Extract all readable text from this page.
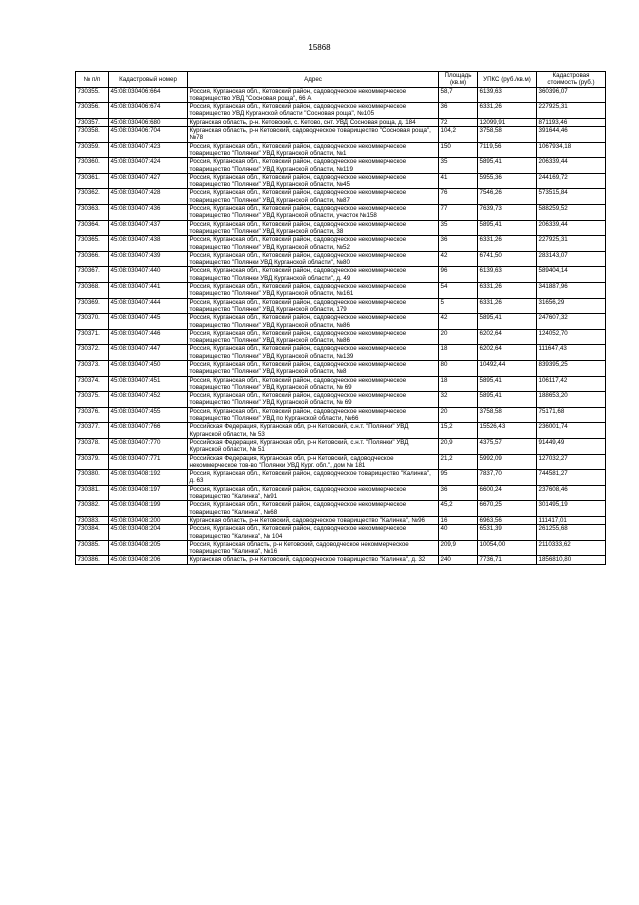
15868
№ п/п	Кадастровый номер	Адрес	Площадь (кв.м)	УПКС (руб./кв.м)	Кадастровая стоимость (руб.)
730355.	45:08:030406:664	Россия, Курганская обл., Кетовский район, садоводческое некоммерческое товарищество УВД "Сосновая роща", 66 А	58,7	6139,63	360396,07
730356.	45:08:030406:674	Россия, Курганская обл., Кетовский район, садоводческое некоммерческое товарищество УВД Курганской области "Сосновая роща", №105	36	6331,26	227925,31
730357.	45:08:030406:680	Курганская область, р-н. Кетовский, с. Кетово, снт. УВД Сосновая роща, д. 184	72	12099,91	871193,46
730358.	45:08:030406:704	Курганская область, р-н Кетовский, садоводческое товарищество "Сосновая роща", №78	104,2	3758,58	391644,46
730359.	45:08:030407:423	Россия, Курганская обл., Кетовский район, садоводческое некоммерческое товарищество "Полянки" УВД Курганской области, №1	150	7119,56	1067934,18
730360.	45:08:030407:424	Россия, Курганская обл., Кетовский район, садоводческое некоммерческое товарищество "Полянки" УВД Курганской области, №119	35	5895,41	206339,44
730361.	45:08:030407:427	Россия, Курганская обл., Кетовский район, садоводческое некоммерческое товарищество "Полянки" УВД Курганской области, №45	41	5955,36	244169,72
730362.	45:08:030407:428	Россия, Курганская обл., Кетовский район, садоводческое некоммерческое товарищество "Полянки" УВД Курганской области, №87	76	7546,26	573515,84
730363.	45:08:030407:436	Россия, Курганская обл., Кетовский район, садоводческое некоммерческое товарищество "Полянки" УВД Курганской области, участок №158	77	7639,73	588259,52
730364.	45:08:030407:437	Россия, Курганская обл., Кетовский район, садоводческое некоммерческое товарищество "Полянки" УВД Курганской области, 38	35	5895,41	206339,44
730365.	45:08:030407:438	Россия, Курганская обл., Кетовский район, садоводческое некоммерческое товарищество "Полянки" УВД Курганской области, №52	36	6331,26	227925,31
730366.	45:08:030407:439	Россия, Курганская обл., Кетовский район, садоводческое некоммерческое товарищество "Полянки УВД Курганской области", №80	42	6741,50	283143,07
730367.	45:08:030407:440	Россия, Курганская обл., Кетовский район, садоводческое некоммерческое товарищество "Полянки УВД Курганской области", д. 49	96	6139,63	589404,14
730368.	45:08:030407:441	Россия, Курганская обл., Кетовский район, садоводческое некоммерческое товарищество "Полянки" УВД Курганской области, №161	54	6331,26	341887,96
730369.	45:08:030407:444	Россия, Курганская обл., Кетовский район, садоводческое некоммерческое товарищество "Полянки" УВД Курганской области, 179	5	6331,26	31656,29
730370.	45:08:030407:445	Россия, Курганская обл., Кетовский район, садоводческое некоммерческое товарищество "Полянки" УВД Курганской области, №86	42	5895,41	247607,32
730371.	45:08:030407:446	Россия, Курганская обл., Кетовский район, садоводческое некоммерческое товарищество "Полянки" УВД Курганской области, №86	20	6202,64	124052,70
730372.	45:08:030407:447	Россия, Курганская обл., Кетовский район, садоводческое некоммерческое товарищество "Полянки" УВД Курганской области, №139	18	6202,64	111647,43
730373.	45:08:030407:450	Россия, Курганская обл., Кетовский район, садоводческое некоммерческое товарищество "Полянки" УВД Курганской области, №8	80	10492,44	839395,25
730374.	45:08:030407:451	Россия, Курганская обл., Кетовский район, садоводческое некоммерческое товарищество "Полянки" УВД Курганской области, № 69	18	5895,41	106117,42
730375.	45:08:030407:452	Россия, Курганская обл., Кетовский район, садоводческое некоммерческое товарищество "Полянки" УВД Курганской области, № 69	32	5895,41	188653,20
730376.	45:08:030407:455	Россия, Курганская обл., Кетовский район, садоводческое некоммерческое товарищество "Полянки" УВД по Курганской области, №66	20	3758,58	75171,68
730377.	45:08:030407:766	Российская Федерация, Курганская обл, р-н Кетовский, с.н.т. "Полянки" УВД Курганской области, № 53	15,2	15526,43	236001,74
730378.	45:08:030407:770	Российская Федерация, Курганская обл, р-н Кетовский, с.н.т. "Полянки" УВД Курганской области, № 51	20,9	4375,57	91449,49
730379.	45:08:030407:771	Российская Федерация, Курганская обл, р-н Кетовский, садоводческое некоммерческое тов-во "Полянки УВД Кург. обл.", дом № 181	21,2	5992,09	127032,27
730380.	45:08:030408:192	Россия, Курганская обл., Кетовский район, садоводческое товарищество "Калинка", д. 63	95	7837,70	744581,27
730381.	45:08:030408:197	Россия, Курганская обл., Кетовский район, садоводческое некоммерческое товарищество "Калинка", №91	36	6600,24	237608,46
730382.	45:08:030408:199	Россия, Курганская обл., Кетовский район, садоводческое некоммерческое товарищество "Калинка", №68	45,2	6670,25	301495,19
730383.	45:08:030408:200	Курганская область, р-н Кетовский, садоводческое товарищество "Калинка", №96	16	6963,56	111417,01
730384.	45:08:030408:204	Россия, Курганская обл., Кетовский район, садоводческое некоммерческое товарищество "Калинка", № 104	40	6531,39	261255,68
730385.	45:08:030408:205	Россия, Курганская область, р-н Кетовский, садоводческое некоммерческое товарищество "Калинка", №16	209,9	10054,00	2110333,62
730386.	45:08:030408:206	Курганская область, р-н Кетовский, садоводческое товарищество "Калинка", д. 32	240	7736,71	1856810,80
